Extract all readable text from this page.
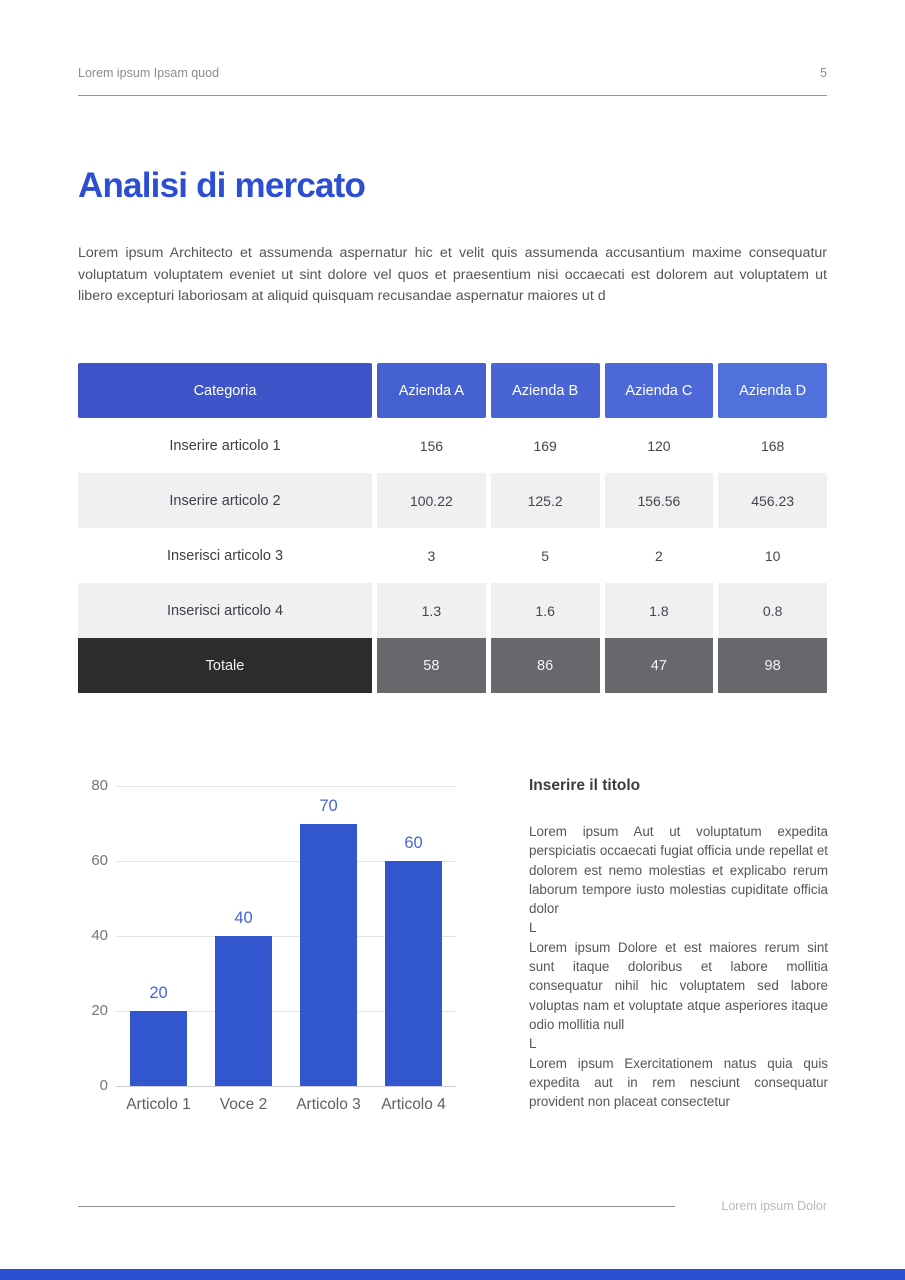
Lorem ipsum Ipsam quod	5
Analisi di mercato

Lorem ipsum Architecto et assumenda aspernatur hic et velit quis assumenda accusantium maxime consequatur voluptatum voluptatem eveniet ut sint dolore vel quos et praesentium nisi occaecati est dolorem aut voluptatem ut libero excepturi laboriosam at aliquid quisquam recusandae aspernatur maiores ut d

Categoria	Azienda A	Azienda B	Azienda C	Azienda D
Inserire articolo 1	156	169	120	168
Inserire articolo 2	100.22	125.2	156.56	456.23
Inserisci articolo 3	3	5	2	10
Inserisci articolo 4	1.3	1.6	1.8	0.8
Totale	58	86	47	98
0
20
40
60
80
20
Articolo 1
40
Voce 2
70
Articolo 3
60
Articolo 4
Inserire il titolo

Lorem ipsum Aut ut voluptatum expedita perspiciatis occaecati fugiat officia unde repellat et dolorem est nemo molestias et explicabo rerum laborum tempore iusto molestias cupiditate officia dolor

L

Lorem ipsum Dolore et est maiores rerum sint sunt itaque doloribus et labore mollitia consequatur nihil hic voluptatem sed labore voluptas nam et voluptate atque asperiores itaque odio mollitia null

L

Lorem ipsum Exercitationem natus quia quis expedita aut in rem nesciunt consequatur provident non placeat consectetur

Lorem ipsum Dolor
